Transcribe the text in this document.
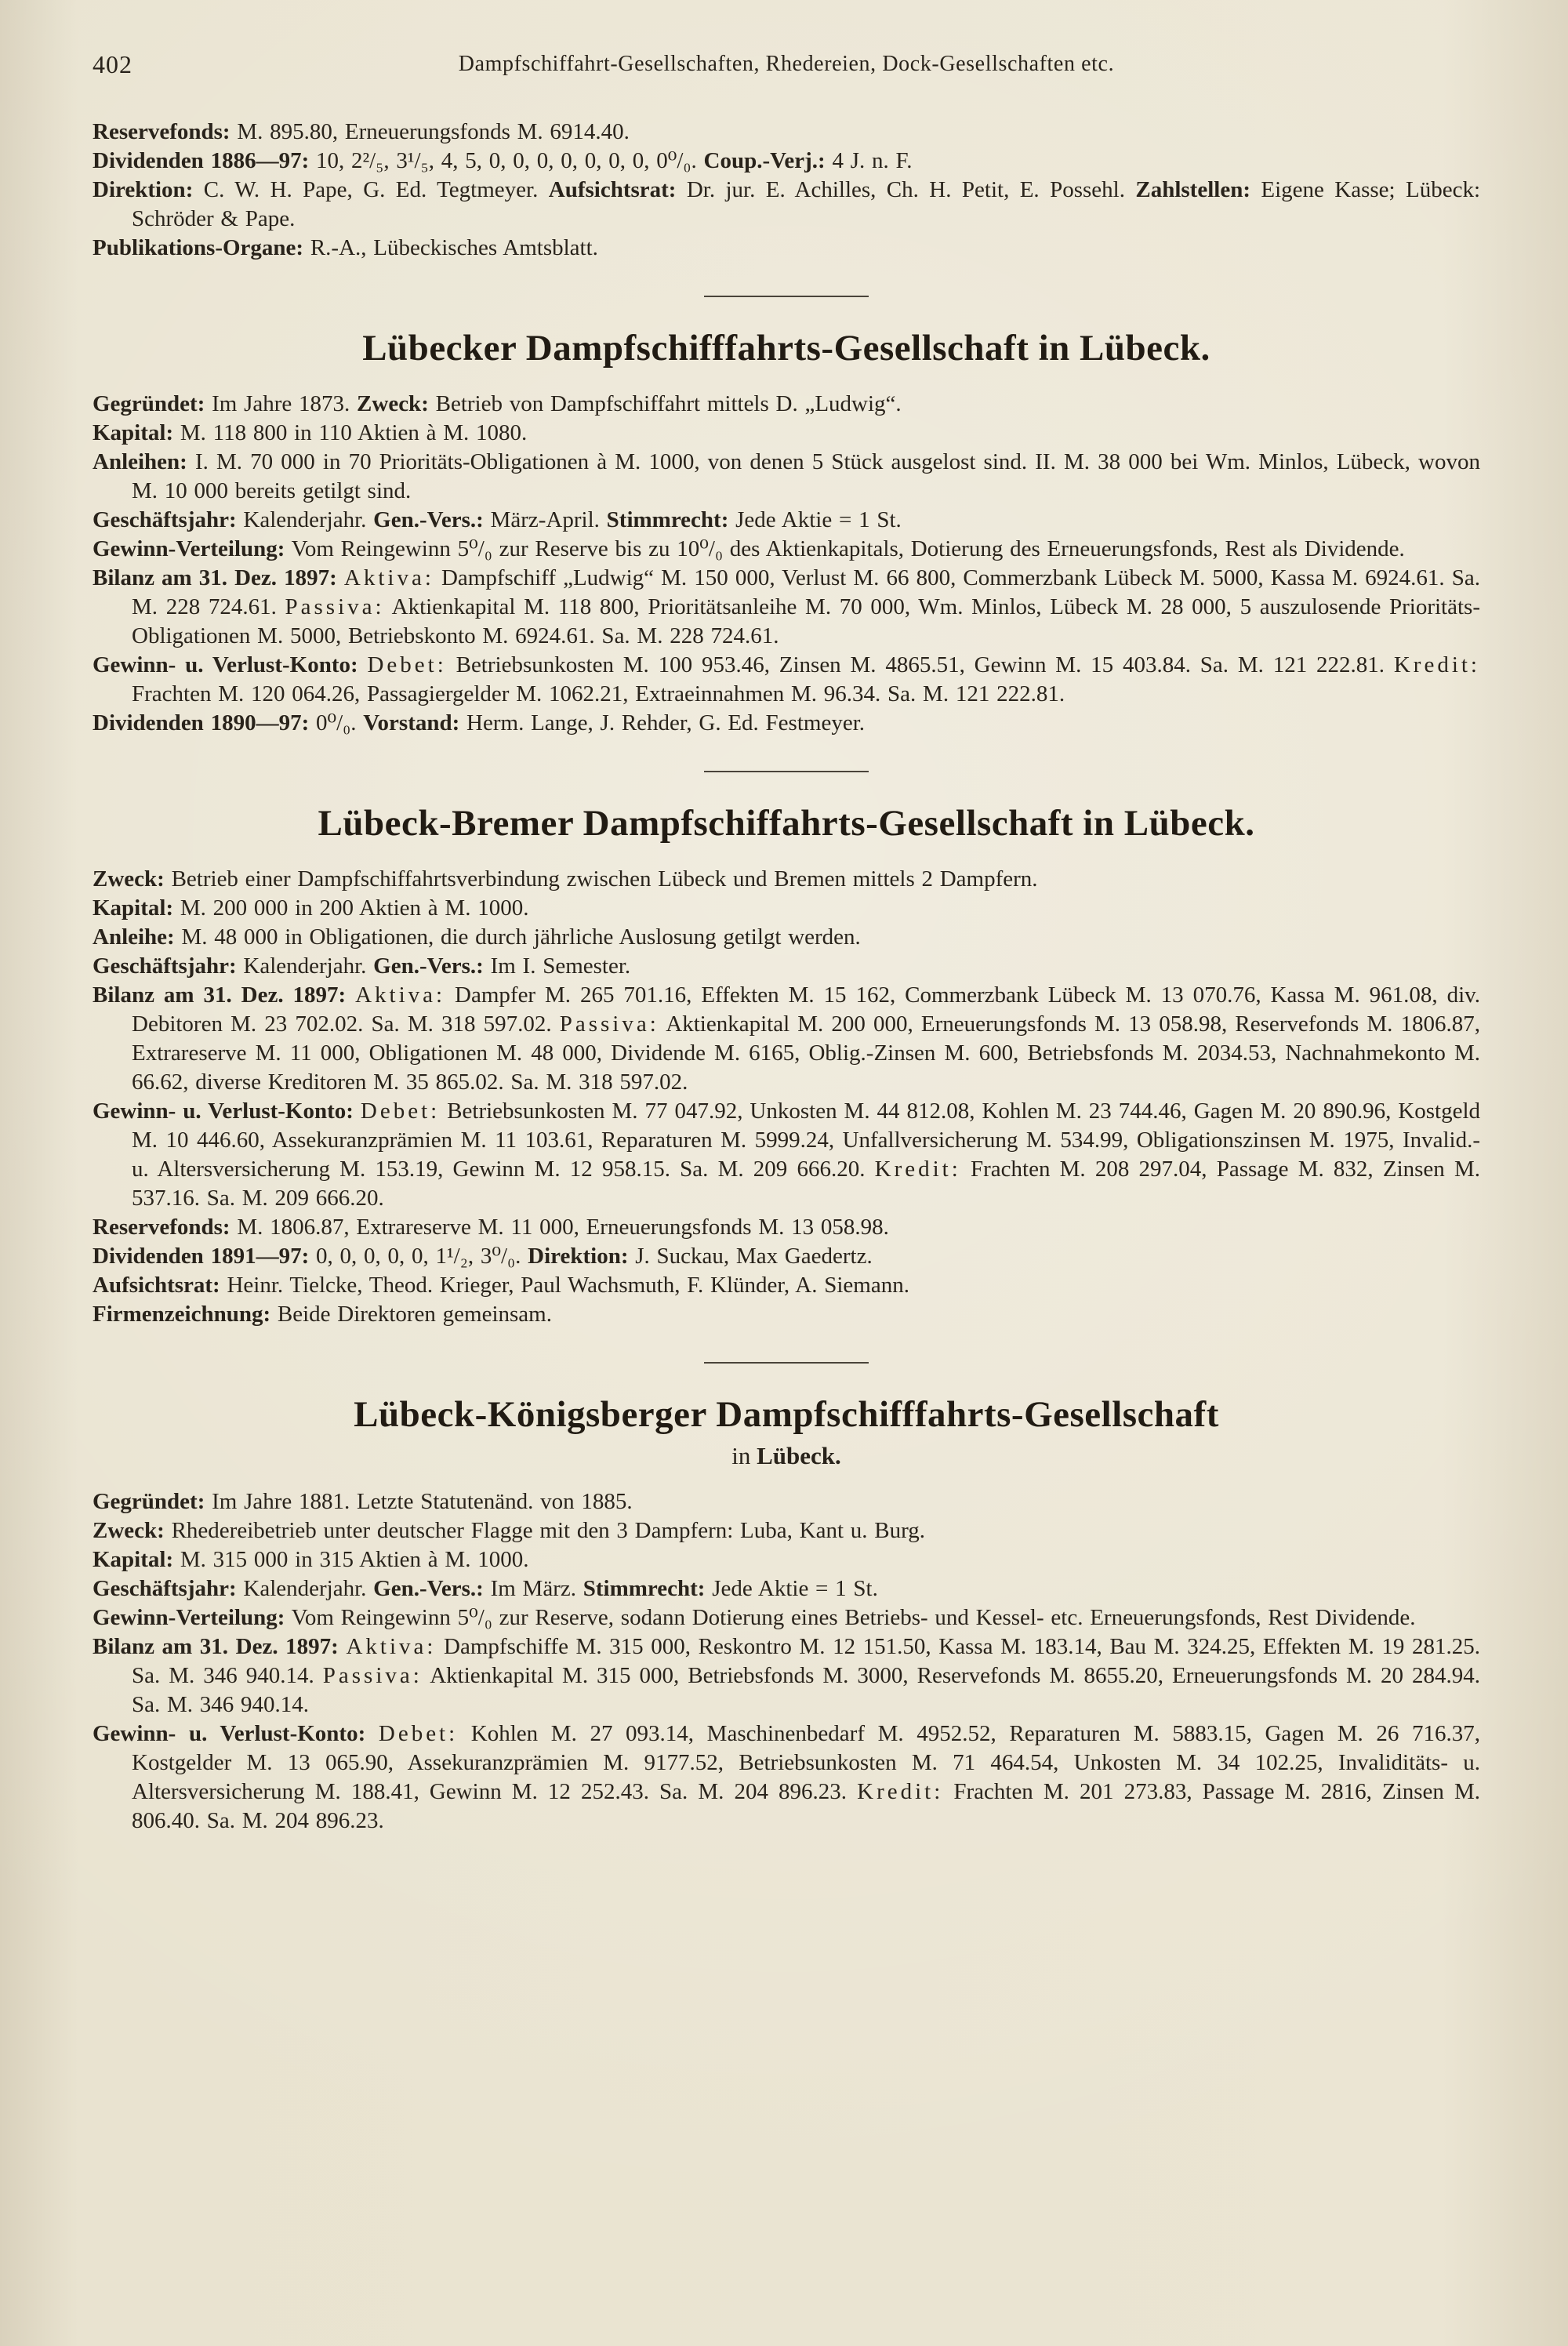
402	Dampfschiffahrt-Gesellschaften, Rhedereien, Dock-Gesellschaften etc.

Reservefonds: M. 895.80, Erneuerungsfonds M. 6914.40.

Dividenden 1886—97: 10, 2²/₅, 3¹/₅, 4, 5, 0, 0, 0, 0, 0, 0, 0, 0⁰/₀. Coup.-Verj.: 4 J. n. F.

Direktion: C. W. H. Pape, G. Ed. Tegtmeyer. Aufsichtsrat: Dr. jur. E. Achilles, Ch. H. Petit, E. Possehl. Zahlstellen: Eigene Kasse; Lübeck: Schröder & Pape.

Publikations-Organe: R.-A., Lübeckisches Amtsblatt.

Lübecker Dampfschifffahrts-Gesellschaft in Lübeck.

Gegründet: Im Jahre 1873. Zweck: Betrieb von Dampfschiffahrt mittels D. „Ludwig“.

Kapital: M. 118 800 in 110 Aktien à M. 1080.

Anleihen: I. M. 70 000 in 70 Prioritäts-Obligationen à M. 1000, von denen 5 Stück ausgelost sind. II. M. 38 000 bei Wm. Minlos, Lübeck, wovon M. 10 000 bereits getilgt sind.

Geschäftsjahr: Kalenderjahr. Gen.-Vers.: März-April. Stimmrecht: Jede Aktie = 1 St.

Gewinn-Verteilung: Vom Reingewinn 5⁰/₀ zur Reserve bis zu 10⁰/₀ des Aktienkapitals, Dotierung des Erneuerungsfonds, Rest als Dividende.

Bilanz am 31. Dez. 1897: Aktiva: Dampfschiff „Ludwig“ M. 150 000, Verlust M. 66 800, Commerzbank Lübeck M. 5000, Kassa M. 6924.61. Sa. M. 228 724.61. Passiva: Aktienkapital M. 118 800, Prioritätsanleihe M. 70 000, Wm. Minlos, Lübeck M. 28 000, 5 auszulosende Prioritäts-Obligationen M. 5000, Betriebskonto M. 6924.61. Sa. M. 228 724.61.

Gewinn- u. Verlust-Konto: Debet: Betriebsunkosten M. 100 953.46, Zinsen M. 4865.51, Gewinn M. 15 403.84. Sa. M. 121 222.81. Kredit: Frachten M. 120 064.26, Passagiergelder M. 1062.21, Extraeinnahmen M. 96.34. Sa. M. 121 222.81.

Dividenden 1890—97: 0⁰/₀. Vorstand: Herm. Lange, J. Rehder, G. Ed. Festmeyer.

Lübeck-Bremer Dampfschiffahrts-Gesellschaft in Lübeck.

Zweck: Betrieb einer Dampfschiffahrtsverbindung zwischen Lübeck und Bremen mittels 2 Dampfern.

Kapital: M. 200 000 in 200 Aktien à M. 1000.

Anleihe: M. 48 000 in Obligationen, die durch jährliche Auslosung getilgt werden.

Geschäftsjahr: Kalenderjahr. Gen.-Vers.: Im I. Semester.

Bilanz am 31. Dez. 1897: Aktiva: Dampfer M. 265 701.16, Effekten M. 15 162, Commerzbank Lübeck M. 13 070.76, Kassa M. 961.08, div. Debitoren M. 23 702.02. Sa. M. 318 597.02. Passiva: Aktienkapital M. 200 000, Erneuerungsfonds M. 13 058.98, Reservefonds M. 1806.87, Extrareserve M. 11 000, Obligationen M. 48 000, Dividende M. 6165, Oblig.-Zinsen M. 600, Betriebsfonds M. 2034.53, Nachnahmekonto M. 66.62, diverse Kreditoren M. 35 865.02. Sa. M. 318 597.02.

Gewinn- u. Verlust-Konto: Debet: Betriebsunkosten M. 77 047.92, Unkosten M. 44 812.08, Kohlen M. 23 744.46, Gagen M. 20 890.96, Kostgeld M. 10 446.60, Assekuranzprämien M. 11 103.61, Reparaturen M. 5999.24, Unfallversicherung M. 534.99, Obligationszinsen M. 1975, Invalid.- u. Altersversicherung M. 153.19, Gewinn M. 12 958.15. Sa. M. 209 666.20. Kredit: Frachten M. 208 297.04, Passage M. 832, Zinsen M. 537.16. Sa. M. 209 666.20.

Reservefonds: M. 1806.87, Extrareserve M. 11 000, Erneuerungsfonds M. 13 058.98.

Dividenden 1891—97: 0, 0, 0, 0, 0, 1¹/₂, 3⁰/₀. Direktion: J. Suckau, Max Gaedertz.

Aufsichtsrat: Heinr. Tielcke, Theod. Krieger, Paul Wachsmuth, F. Klünder, A. Siemann.

Firmenzeichnung: Beide Direktoren gemeinsam.

Lübeck-Königsberger Dampfschifffahrts-Gesellschaft
in Lübeck.

Gegründet: Im Jahre 1881. Letzte Statutenänd. von 1885.

Zweck: Rhedereibetrieb unter deutscher Flagge mit den 3 Dampfern: Luba, Kant u. Burg.

Kapital: M. 315 000 in 315 Aktien à M. 1000.

Geschäftsjahr: Kalenderjahr. Gen.-Vers.: Im März. Stimmrecht: Jede Aktie = 1 St.

Gewinn-Verteilung: Vom Reingewinn 5⁰/₀ zur Reserve, sodann Dotierung eines Betriebs- und Kessel- etc. Erneuerungsfonds, Rest Dividende.

Bilanz am 31. Dez. 1897: Aktiva: Dampfschiffe M. 315 000, Reskontro M. 12 151.50, Kassa M. 183.14, Bau M. 324.25, Effekten M. 19 281.25. Sa. M. 346 940.14. Passiva: Aktienkapital M. 315 000, Betriebsfonds M. 3000, Reservefonds M. 8655.20, Erneuerungsfonds M. 20 284.94. Sa. M. 346 940.14.

Gewinn- u. Verlust-Konto: Debet: Kohlen M. 27 093.14, Maschinenbedarf M. 4952.52, Reparaturen M. 5883.15, Gagen M. 26 716.37, Kostgelder M. 13 065.90, Assekuranzprämien M. 9177.52, Betriebsunkosten M. 71 464.54, Unkosten M. 34 102.25, Invaliditäts- u. Altersversicherung M. 188.41, Gewinn M. 12 252.43. Sa. M. 204 896.23. Kredit: Frachten M. 201 273.83, Passage M. 2816, Zinsen M. 806.40. Sa. M. 204 896.23.
